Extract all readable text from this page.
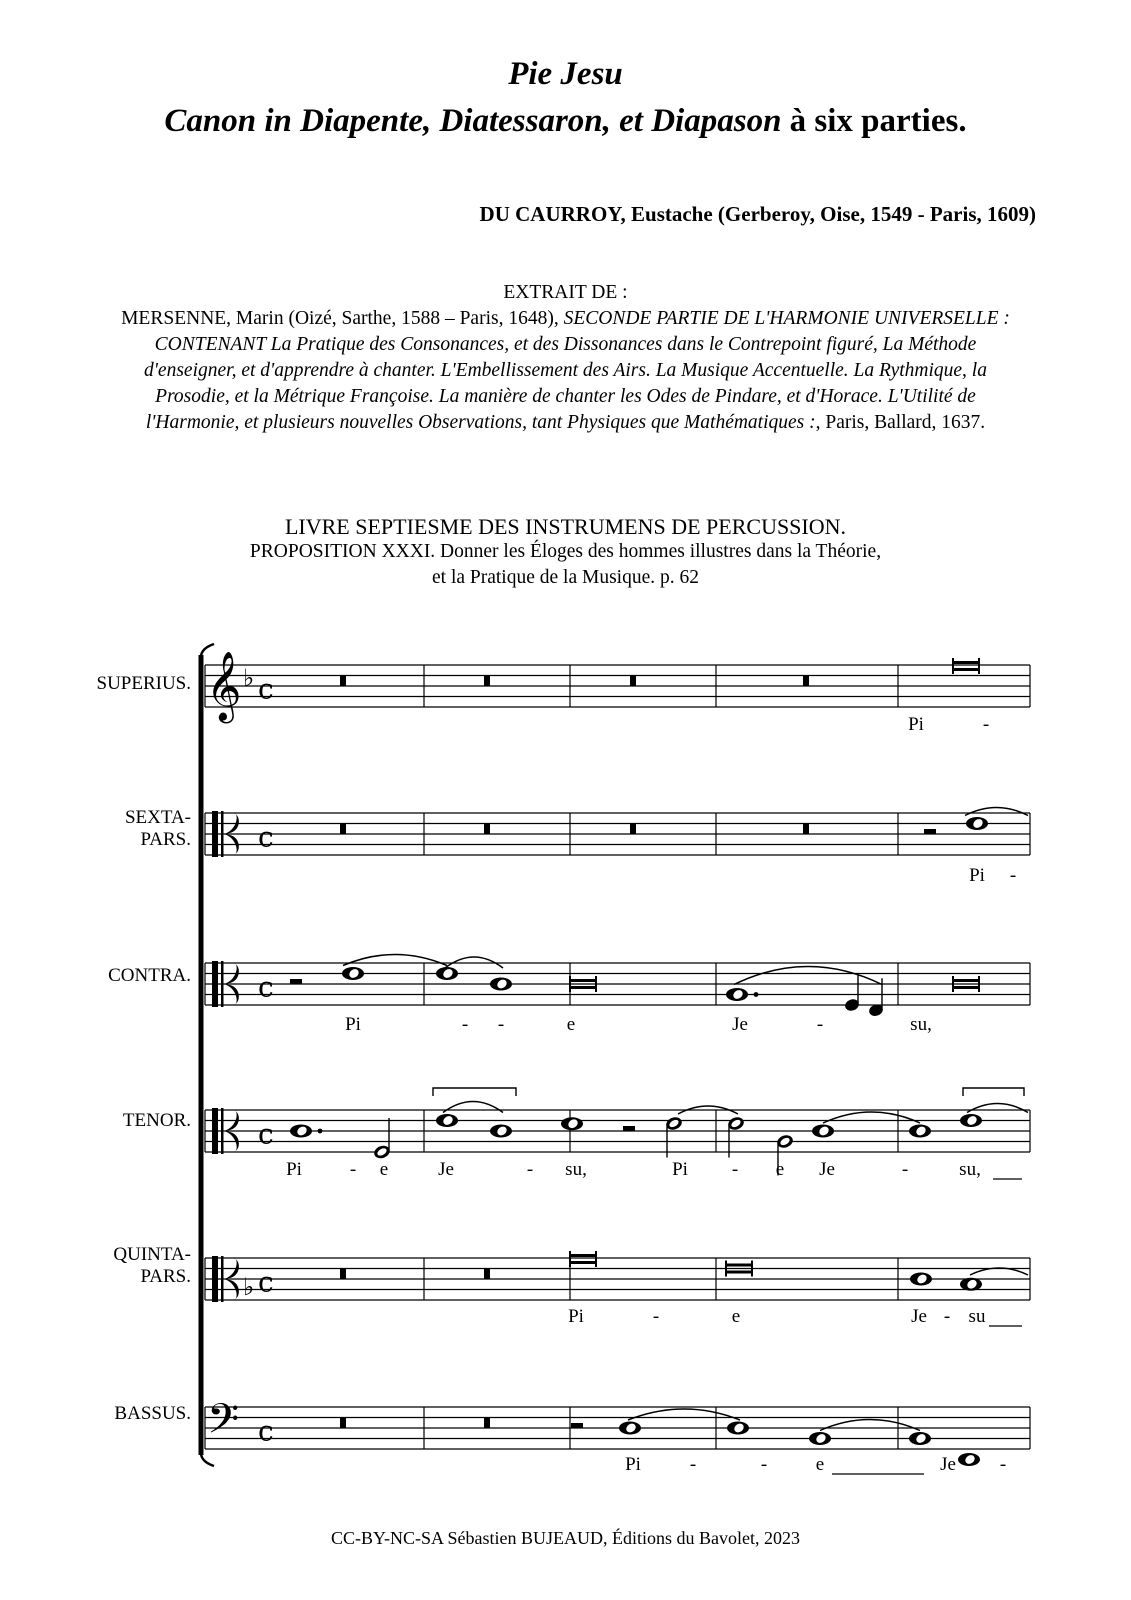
Pie Jesu
Canon in Diapente, Diatessaron, et Diapason à six parties.
DU CAURROY, Eustache (Gerberoy, Oise, 1549 - Paris, 1609)
EXTRAIT DE :
MERSENNE, Marin (Oizé, Sarthe, 1588 – Paris, 1648), SECONDE PARTIE DE L'HARMONIE UNIVERSELLE : CONTENANT La Pratique des Consonances, et des Dissonances dans le Contrepoint figuré, La Méthode d'enseigner, et d'apprendre à chanter. L'Embellissement des Airs. La Musique Accentuelle. La Rythmique, la Prosodie, et la Métrique Françoise. La manière de chanter les Odes de Pindare, et d'Horace. L'Utilité de l'Harmonie, et plusieurs nouvelles Observations, tant Physiques que Mathématiques :, Paris, Ballard, 1637.
LIVRE SEPTIESME DES INSTRUMENS DE PERCUSSION.
PROPOSITION XXXI. Donner les Éloges des hommes illustres dans la Théorie,
et la Pratique de la Musique. p. 62
SUPERIUS.
SEXTA-
PARS.
CONTRA.
TENOR.
QUINTA-
PARS.
BASSUS.
𝄞 ♭ c
c
c
c
♭ c
𝄢 c
Pi	-
Pi -
Pi	- -	e	Je	-	su,
Pi	- e	Je	- su,	Pi - e Je	-	su,
Pi	-	e	Je - su
Pi	-	-	e	Je -
CC-BY-NC-SA Sébastien BUJEAUD, Éditions du Bavolet, 2023
